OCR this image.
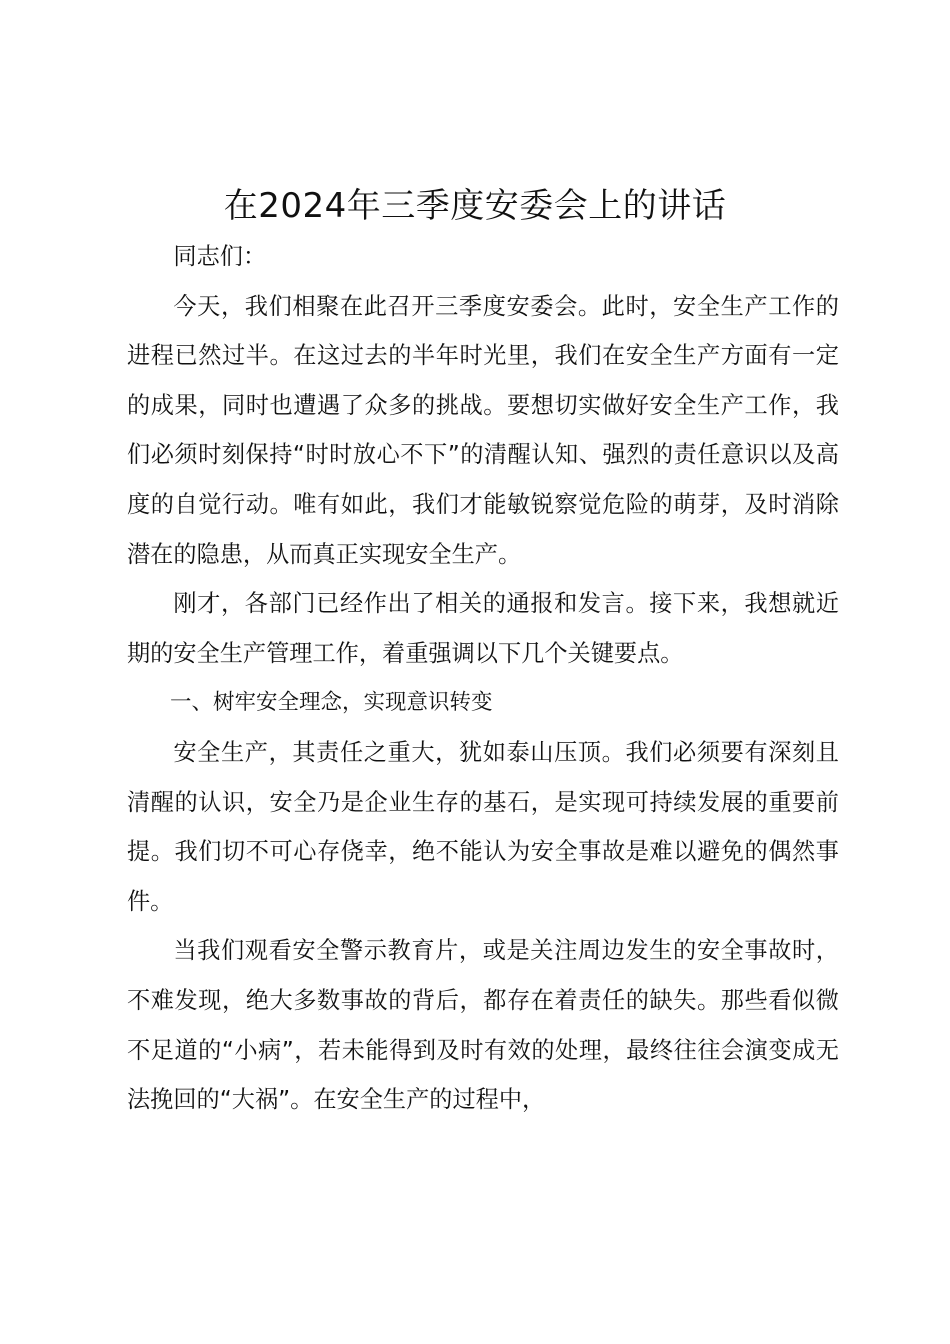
在2024年三季度安委会上的讲话

同志们：

今天，我们相聚在此召开三季度安委会。此时，安全生产工作的进程已然过半。在这过去的半年时光里，我们在安全生产方面有一定的成果，同时也遭遇了众多的挑战。要想切实做好安全生产工作，我们必须时刻保持“时时放心不下”的清醒认知、强烈的责任意识以及高度的自觉行动。唯有如此，我们才能敏锐察觉危险的萌芽，及时消除潜在的隐患，从而真正实现安全生产。

刚才，各部门已经作出了相关的通报和发言。接下来，我想就近期的安全生产管理工作，着重强调以下几个关键要点。

一、树牢安全理念，实现意识转变

安全生产，其责任之重大，犹如泰山压顶。我们必须要有深刻且清醒的认识，安全乃是企业生存的基石，是实现可持续发展的重要前提。我们切不可心存侥幸，绝不能认为安全事故是难以避免的偶然事件。

当我们观看安全警示教育片，或是关注周边发生的安全事故时，不难发现，绝大多数事故的背后，都存在着责任的缺失。那些看似微不足道的“小病”，若未能得到及时有效的处理，最终往往会演变成无法挽回的“大祸”。在安全生产的过程中，
